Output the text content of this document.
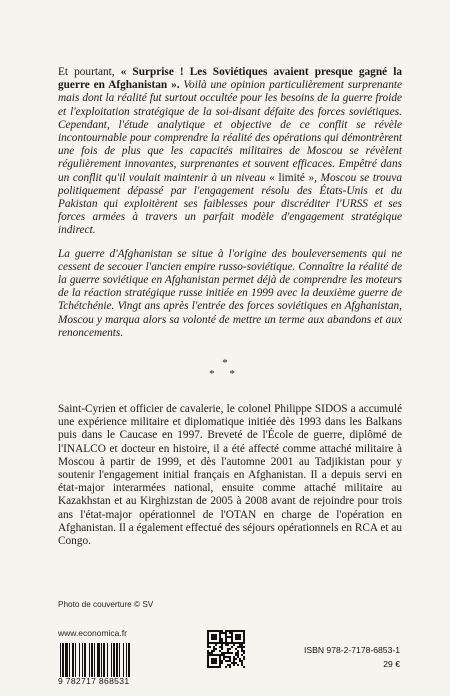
Et pourtant, « Surprise ! Les Soviétiques avaient presque gagné la guerre en Afghanistan ». Voilà une opinion particulièrement surprenante mais dont la réalité fut surtout occultée pour les besoins de la guerre froide et l'exploitation stratégique de la soi-disant défaite des forces soviétiques. Cependant, l'étude analytique et objective de ce conflit se révèle incontournable pour comprendre la réalité des opérations qui démontrèrent une fois de plus que les capacités militaires de Moscou se révèlent régulièrement innovantes, surprenantes et souvent efficaces. Empêtré dans un conflit qu'il voulait maintenir à un niveau « limité », Moscou se trouva politiquement dépassé par l'engagement résolu des États-Unis et du Pakistan qui exploitèrent ses faiblesses pour discréditer l'URSS et ses forces armées à travers un parfait modèle d'engagement stratégique indirect.

La guerre d'Afghanistan se situe à l'origine des bouleversements qui ne cessent de secouer l'ancien empire russo-soviétique. Connaître la réalité de la guerre soviétique en Afghanistan permet déjà de comprendre les moteurs de la réaction stratégique russe initiée en 1999 avec la deuxième guerre de Tchétchénie. Vingt ans après l'entrée des forces soviétiques en Afghanistan, Moscou y marqua alors sa volonté de mettre un terme aux abandons et aux renoncements.

*
* *

Saint-Cyrien et officier de cavalerie, le colonel Philippe SIDOS a accumulé une expérience militaire et diplomatique initiée dès 1993 dans les Balkans puis dans le Caucase en 1997. Breveté de l'École de guerre, diplômé de l'INALCO et docteur en histoire, il a été affecté comme attaché militaire à Moscou à partir de 1999, et dès l'automne 2001 au Tadjikistan pour y soutenir l'engagement initial français en Afghanistan. Il a depuis servi en état-major interarmées national, ensuite comme attaché militaire au Kazakhstan et au Kirghizstan de 2005 à 2008 avant de rejoindre pour trois ans l'état-major opérationnel de l'OTAN en charge de l'opération en Afghanistan. Il a également effectué des séjours opérationnels en RCA et au Congo.

Photo de couverture © SV
www.economica.fr
9 782717 868531
ISBN 978-2-7178-6853-1
29 €
